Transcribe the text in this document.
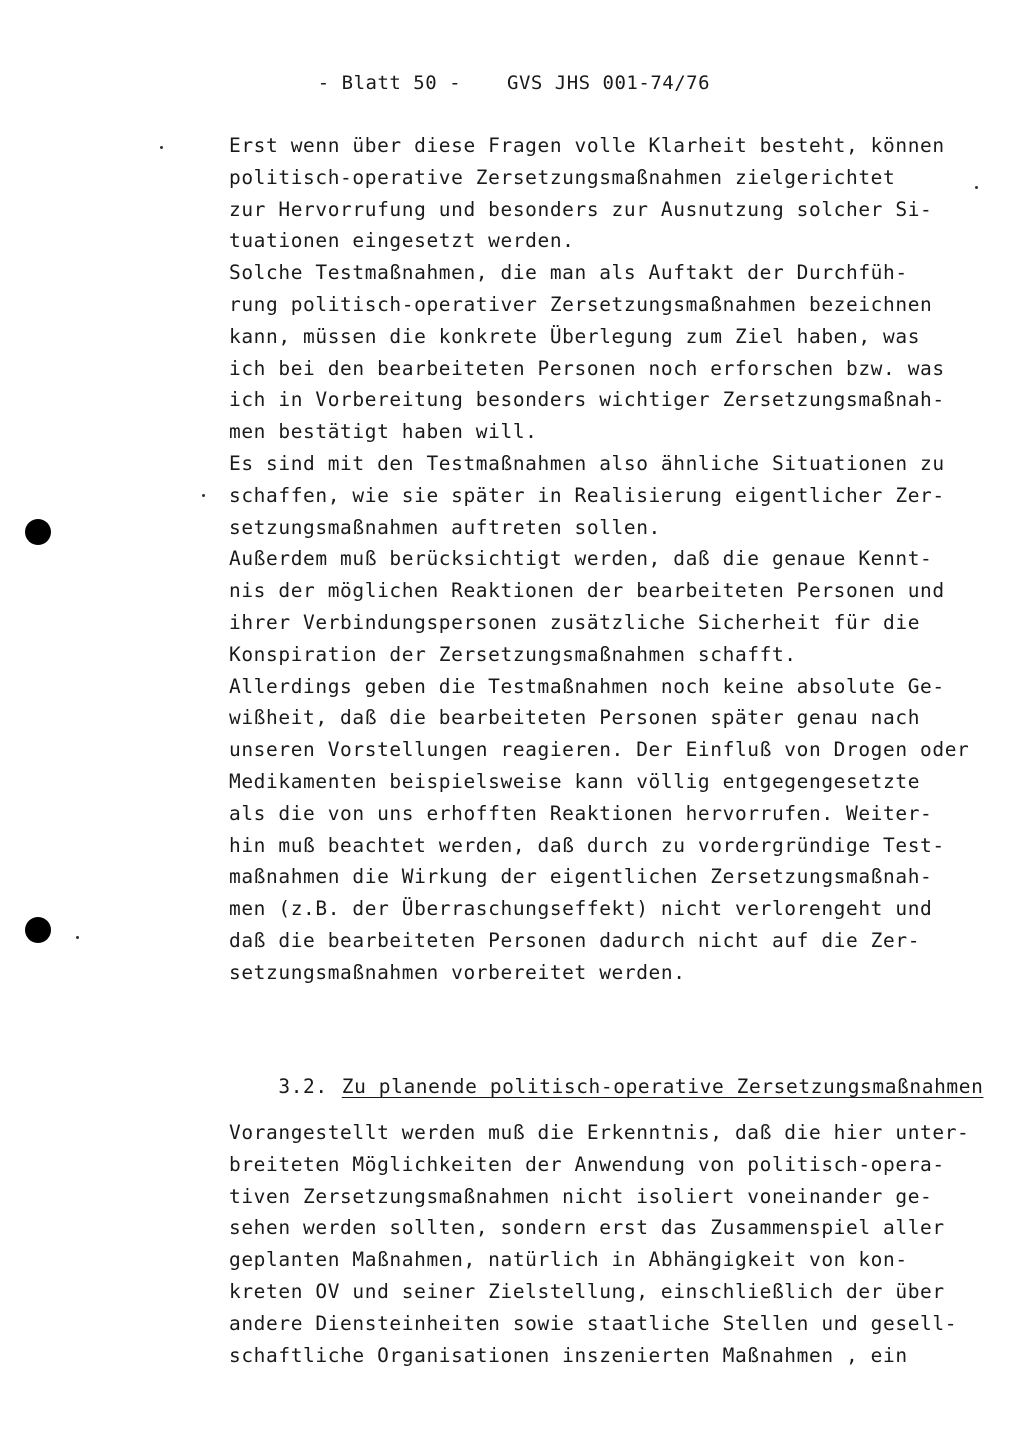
- Blatt 50 - GVS JHS 001-74/76

Erst wenn über diese Fragen volle Klarheit besteht, können
politisch-operative Zersetzungsmaßnahmen zielgerichtet
zur Hervorrufung und besonders zur Ausnutzung solcher Si-
tuationen eingesetzt werden.
Solche Testmaßnahmen, die man als Auftakt der Durchfüh-
rung politisch-operativer Zersetzungsmaßnahmen bezeichnen
kann, müssen die konkrete Überlegung zum Ziel haben, was
ich bei den bearbeiteten Personen noch erforschen bzw. was
ich in Vorbereitung besonders wichtiger Zersetzungsmaßnah-
men bestätigt haben will.
Es sind mit den Testmaßnahmen also ähnliche Situationen zu
schaffen, wie sie später in Realisierung eigentlicher Zer-
setzungsmaßnahmen auftreten sollen.
Außerdem muß berücksichtigt werden, daß die genaue Kennt-
nis der möglichen Reaktionen der bearbeiteten Personen und
ihrer Verbindungspersonen zusätzliche Sicherheit für die
Konspiration der Zersetzungsmaßnahmen schafft.
Allerdings geben die Testmaßnahmen noch keine absolute Ge-
wißheit, daß die bearbeiteten Personen später genau nach
unseren Vorstellungen reagieren. Der Einfluß von Drogen oder
Medikamenten beispielsweise kann völlig entgegengesetzte
als die von uns erhofften Reaktionen hervorrufen. Weiter-
hin muß beachtet werden, daß durch zu vordergründige Test-
maßnahmen die Wirkung der eigentlichen Zersetzungsmaßnah-
men (z.B. der Überraschungseffekt) nicht verlorengeht und
daß die bearbeiteten Personen dadurch nicht auf die Zer-
setzungsmaßnahmen vorbereitet werden.

3.2. Zu planende politisch-operative Zersetzungsmaßnahmen

Vorangestellt werden muß die Erkenntnis, daß die hier unter-
breiteten Möglichkeiten der Anwendung von politisch-opera-
tiven Zersetzungsmaßnahmen nicht isoliert voneinander ge-
sehen werden sollten, sondern erst das Zusammenspiel aller
geplanten Maßnahmen, natürlich in Abhängigkeit von kon-
kreten OV und seiner Zielstellung, einschließlich der über
andere Diensteinheiten sowie staatliche Stellen und gesell-
schaftliche Organisationen inszenierten Maßnahmen , ein
